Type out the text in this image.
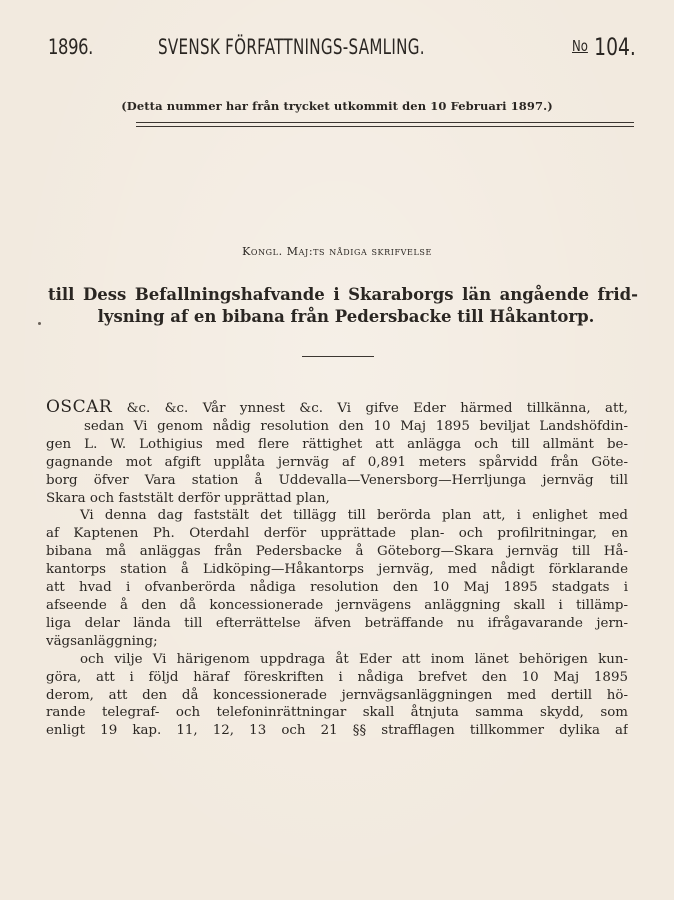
1896.	SVENSK FÖRFATTNINGS-SAMLING.	No 104.
(Detta nummer har från trycket utkommit den 10 Februari 1897.)
Kongl. Maj:ts nådiga skrifvelse
till Dess Befallningshafvande i Skaraborgs län angående frid-
lysning af en bibana från Pedersbacke till Håkantorp.
OSCAR &c. &c. Vår ynnest &c. Vi gifve Eder härmed tillkänna, att,
sedan Vi genom nådig resolution den 10 Maj 1895 beviljat Landshöfdin-
gen L. W. Lothigius med flere rättighet att anlägga och till allmänt be-
gagnande mot afgift upplåta jernväg af 0,891 meters spårvidd från Göte-
borg öfver Vara station å Uddevalla—Venersborg—Herrljunga jernväg till
Skara och faststält derför upprättad plan,
Vi denna dag faststält det tillägg till berörda plan att, i enlighet med
af Kaptenen Ph. Oterdahl derför upprättade plan- och profilritningar, en
bibana må anläggas från Pedersbacke å Göteborg—Skara jernväg till Hå-
kantorps station å Lidköping—Håkantorps jernväg, med nådigt förklarande
att hvad i ofvanberörda nådiga resolution den 10 Maj 1895 stadgats i
afseende å den då koncessionerade jernvägens anläggning skall i tillämp-
liga delar lända till efterrättelse äfven beträffande nu ifrågavarande jern-
vägsanläggning;
och vilje Vi härigenom uppdraga åt Eder att inom länet behörigen kun-
göra, att i följd häraf föreskriften i nådiga brefvet den 10 Maj 1895
derom, att den då koncessionerade jernvägsanläggningen med dertill hö-
rande telegraf- och telefoninrättningar skall åtnjuta samma skydd, som
enligt 19 kap. 11, 12, 13 och 21 §§ strafflagen tillkommer dylika af
